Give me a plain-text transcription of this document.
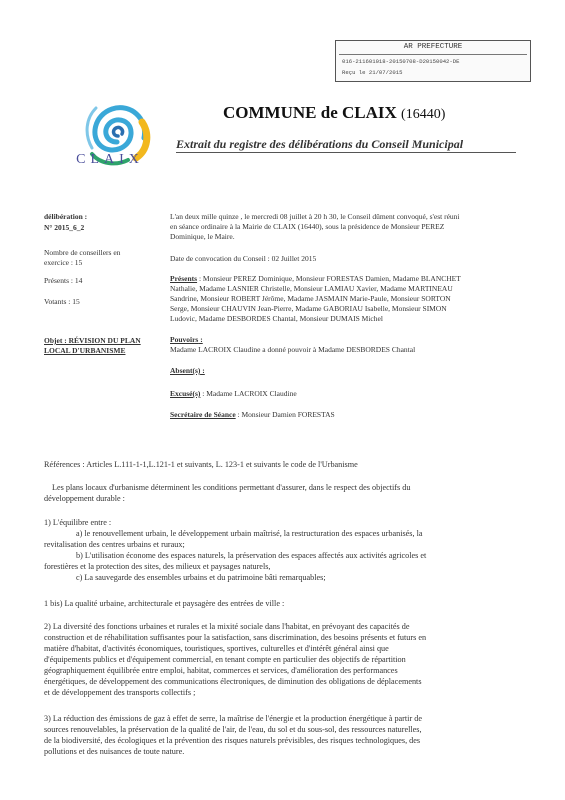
AR PREFECTURE
016-211601018-20150708-D20150042-DE
Reçu le 21/07/2015
CLAIX
COMMUNE de CLAIX (16440)
Extrait du registre des délibérations du Conseil Municipal
délibération :
N° 2015_6_2
Nombre de conseillers en
exercice : 15
Présents : 14
Votants : 15
Objet : RÉVISION DU PLAN
LOCAL D'URBANISME
L'an deux mille quinze , le mercredi 08 juillet à 20 h 30, le Conseil dûment convoqué, s'est réuni
en séance ordinaire à la Mairie de CLAIX (16440), sous la présidence de Monsieur PEREZ
Dominique, le Maire.
Date de convocation du Conseil : 02 Juillet 2015
Présents : Monsieur PEREZ Dominique, Monsieur FORESTAS Damien, Madame BLANCHET
Nathalie, Madame LASNIER Christelle, Monsieur LAMIAU Xavier, Madame MARTINEAU
Sandrine, Monsieur ROBERT Jérôme, Madame JASMAIN Marie-Paule, Monsieur SORTON
Serge, Monsieur CHAUVIN Jean-Pierre, Madame GABORIAU Isabelle, Monsieur SIMON
Ludovic, Madame DESBORDES Chantal, Monsieur DUMAIS Michel
Pouvoirs :
Madame LACROIX Claudine a donné pouvoir à Madame DESBORDES Chantal
Absent(s) :
Excusé(s) : Madame LACROIX Claudine
Secrétaire de Séance : Monsieur Damien FORESTAS
Références : Articles L.111-1-1,L.121-1 et suivants, L. 123-1 et suivants le code de l'Urbanisme
Les plans locaux d'urbanisme déterminent les conditions permettant d'assurer, dans le respect des objectifs du
développement durable :
1) L'équilibre entre :
a) le renouvellement urbain, le développement urbain maîtrisé, la restructuration des espaces urbanisés, la
revitalisation des centres urbains et ruraux;
b) L'utilisation économe des espaces naturels, la préservation des espaces affectés aux activités agricoles et
forestières et la protection des sites, des milieux et paysages naturels,
c) La sauvegarde des ensembles urbains et du patrimoine bâti remarquables;
1 bis) La qualité urbaine, architecturale et paysagère des entrées de ville :
2) La diversité des fonctions urbaines et rurales et la mixité sociale dans l'habitat, en prévoyant des capacités de
construction et de réhabilitation suffisantes pour la satisfaction, sans discrimination, des besoins présents et futurs en
matière d'habitat, d'activités économiques, touristiques, sportives, culturelles et d'intérêt général ainsi que
d'équipements publics et d'équipement commercial, en tenant compte en particulier des objectifs de répartition
géographiquement équilibrée entre emploi, habitat, commerces et services, d'amélioration des performances
énergétiques, de développement des communications électroniques, de diminution des obligations de déplacements
et de développement des transports collectifs ;
3) La réduction des émissions de gaz à effet de serre, la maîtrise de l'énergie et la production énergétique à partir de
sources renouvelables, la préservation de la qualité de l'air, de l'eau, du sol et du sous-sol, des ressources naturelles,
de la biodiversité, des écologiques et la prévention des risques naturels prévisibles, des risques technologiques, des
pollutions et des nuisances de toute nature.
